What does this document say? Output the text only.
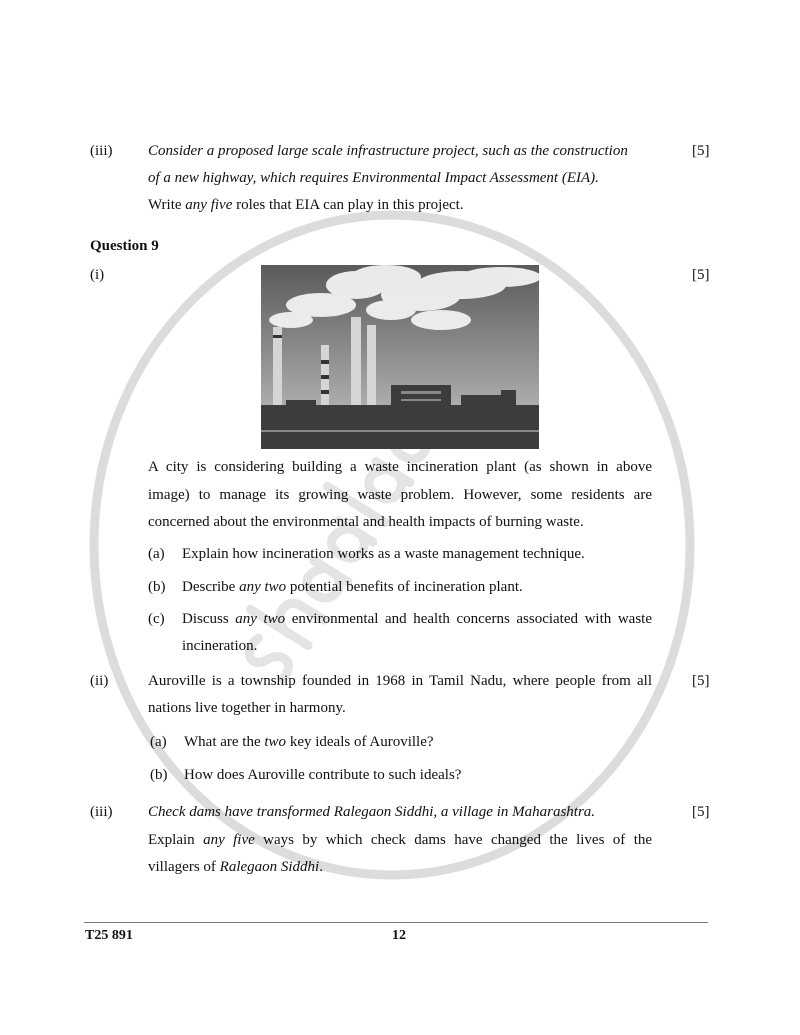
(iii) Consider a proposed large scale infrastructure project, such as the construction	[5]
of a new highway, which requires Environmental Impact Assessment (EIA).
Write any five roles that EIA can play in this project.
Question 9
(i)	[5]
A city is considering building a waste incineration plant (as shown in above
image) to manage its growing waste problem. However, some residents are
concerned about the environmental and health impacts of burning waste.
(a) Explain how incineration works as a waste management technique.
(b) Describe any two potential benefits of incineration plant.
(c) Discuss any two environmental and health concerns associated with waste
incineration.
(ii)	Auroville is a township founded in 1968 in Tamil Nadu, where people from all	[5]
nations live together in harmony.
(a) What are the two key ideals of Auroville?
(b) How does Auroville contribute to such ideals?
(iii) Check dams have transformed Ralegaon Siddhi, a village in Maharashtra.	[5]
Explain any five ways by which check dams have changed the lives of the
villagers of Ralegaon Siddhi.
T25 891	12
